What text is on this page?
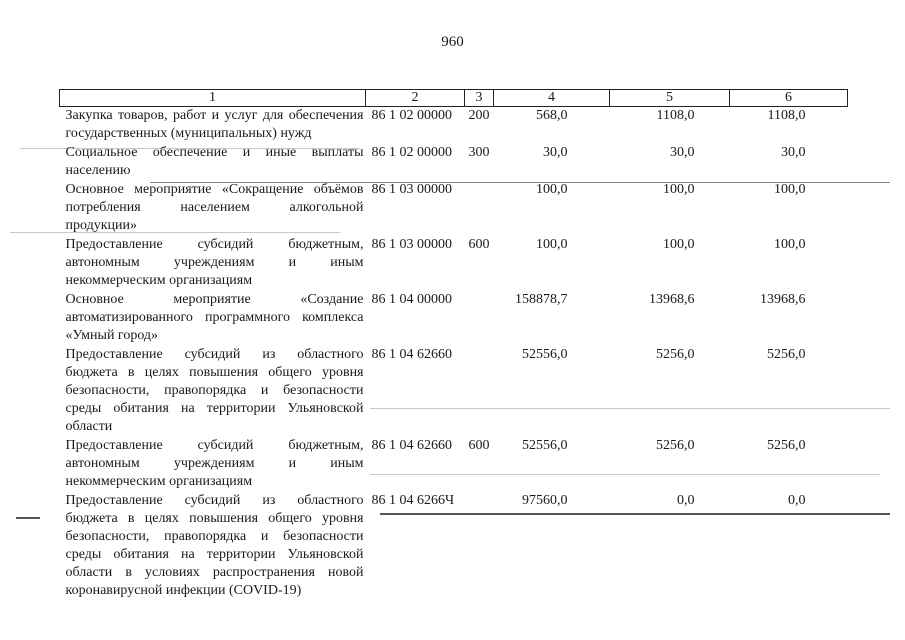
960
1	2	3	4	5	6
Закупка товаров, работ и услуг для обеспечения государственных (муниципальных) нужд	86 1 02 00000	200	568,0	1108,0	1108,0
Социальное обеспечение и иные выплаты населению	86 1 02 00000	300	30,0	30,0	30,0
Основное мероприятие «Сокращение объёмов потребления населением алкогольной продукции»	86 1 03 00000		100,0	100,0	100,0
Предоставление субсидий бюджетным, автономным учреждениям и иным некоммерческим организациям	86 1 03 00000	600	100,0	100,0	100,0
Основное мероприятие «Создание автоматизированного программного комплекса «Умный город»	86 1 04 00000		158878,7	13968,6	13968,6
Предоставление субсидий из областного бюджета в целях повышения общего уровня безопасности, правопорядка и безопасности среды обитания на территории Ульяновской области	86 1 04 62660		52556,0	5256,0	5256,0
Предоставление субсидий бюджетным, автономным учреждениям и иным некоммерческим организациям	86 1 04 62660	600	52556,0	5256,0	5256,0
Предоставление субсидий из областного бюджета в целях повышения общего уровня безопасности, правопорядка и безопасности среды обитания на территории Ульяновской области в условиях распространения новой коронавирусной инфекции (COVID-19)	86 1 04 6266Ч		97560,0	0,0	0,0
